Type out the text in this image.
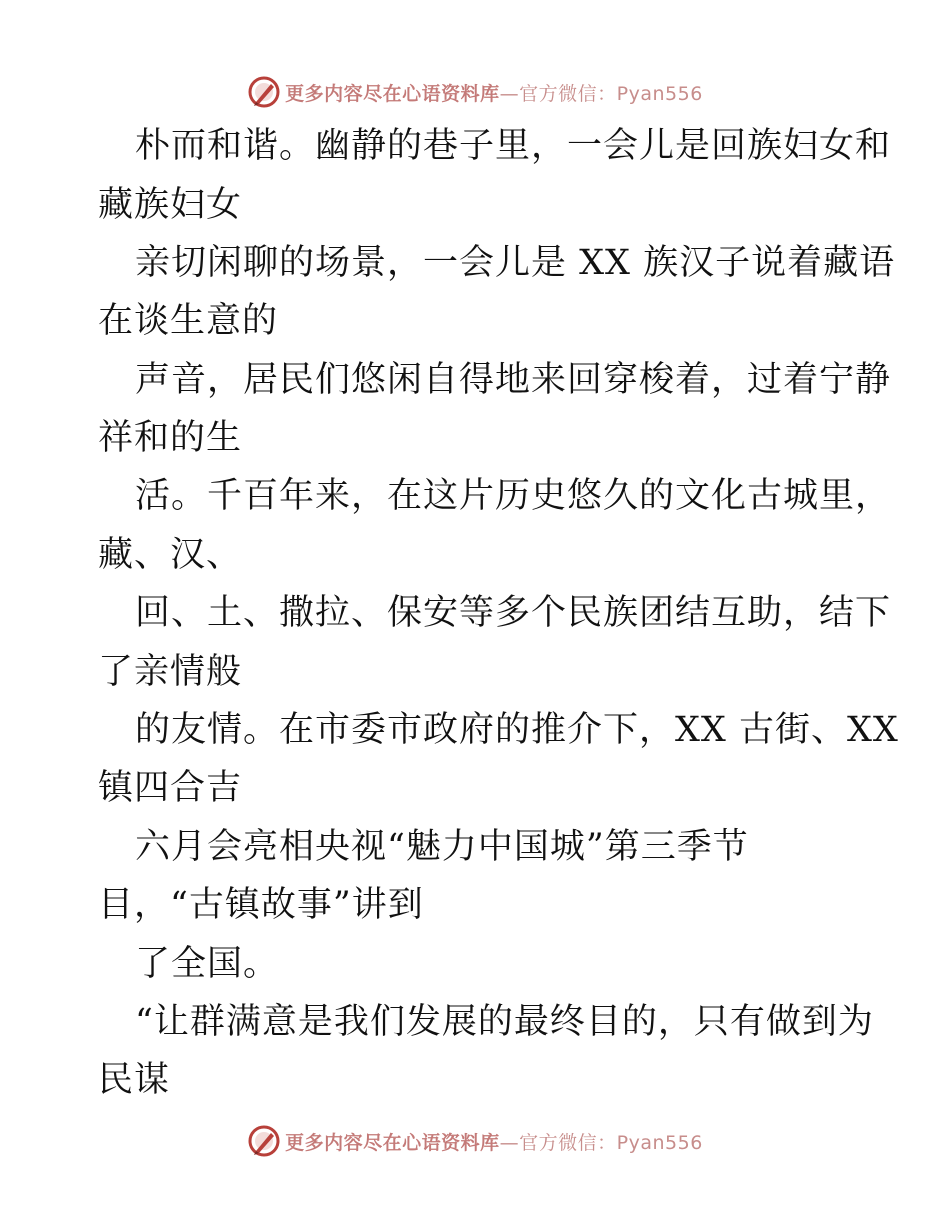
更多内容尽在心语资料库—官方微信：Pyan556
朴而和谐。幽静的巷子里，一会儿是回族妇女和
藏族妇女
亲切闲聊的场景，一会儿是 XX 族汉子说着藏语
在谈生意的
声音，居民们悠闲自得地来回穿梭着，过着宁静
祥和的生
活。千百年来，在这片历史悠久的文化古城里，
藏、汉、
回、土、撒拉、保安等多个民族团结互助，结下
了亲情般
的友情。在市委市政府的推介下，XX 古街、XX
镇四合吉
六月会亮相央视“魅力中国城”第三季节
目，“古镇故事”讲到
了全国。
“让群满意是我们发展的最终目的，只有做到为
民谋
更多内容尽在心语资料库—官方微信：Pyan556
